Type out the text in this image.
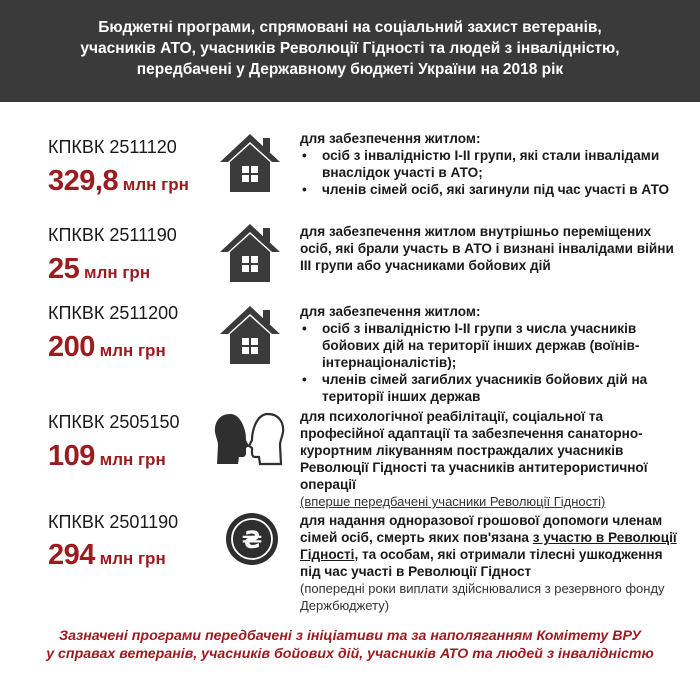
Бюджетні програми, спрямовані на соціальний захист ветеранів,
учасників АТО, учасників Революції Гідності та людей з інвалідністю,
передбачені у Державному бюджеті України на 2018 рік
КПКВК 2511120
329,8 млн грн
для забезпечення житлом:
• осіб з інвалідністю I-II групи, які стали інвалідами внаслідок участі в АТО;
• членів сімей осіб, які загинули під час участі в АТО
КПКВК 2511190
25 млн грн
для забезпечення житлом внутрішньо переміщених осіб, які брали участь в АТО і визнані інвалідами війни III групи або учасниками бойових дій
КПКВК 2511200
200 млн грн
для забезпечення житлом:
• осіб з інвалідністю I-II групи з числа учасників бойових дій на території інших держав (воїнів-інтернаціоналістів);
• членів сімей загиблих учасників бойових дій на території інших держав
КПКВК 2505150
109 млн грн
для психологічної реабілітації, соціальної та професійної адаптації та забезпечення санаторно-курортним лікуванням постраждалих учасників Революції Гідності та учасників антитерористичної операції
(вперше передбачені учасники Революції Гідності)
КПКВК 2501190
294 млн грн
₴
для надання одноразової грошової допомоги членам сімей осіб, смерть яких пов'язана з участю в Революції Гідності, та особам, які отримали тілесні ушкодження під час участі в Революції Гідност
(попередні роки виплати здійснювалися з резервного фонду Держбюджету)
Зазначені програми передбачені з ініціативи та за наполяганням Комітету ВРУ
у справах ветеранів, учасників бойових дій, учасників АТО та людей з інвалідністю
